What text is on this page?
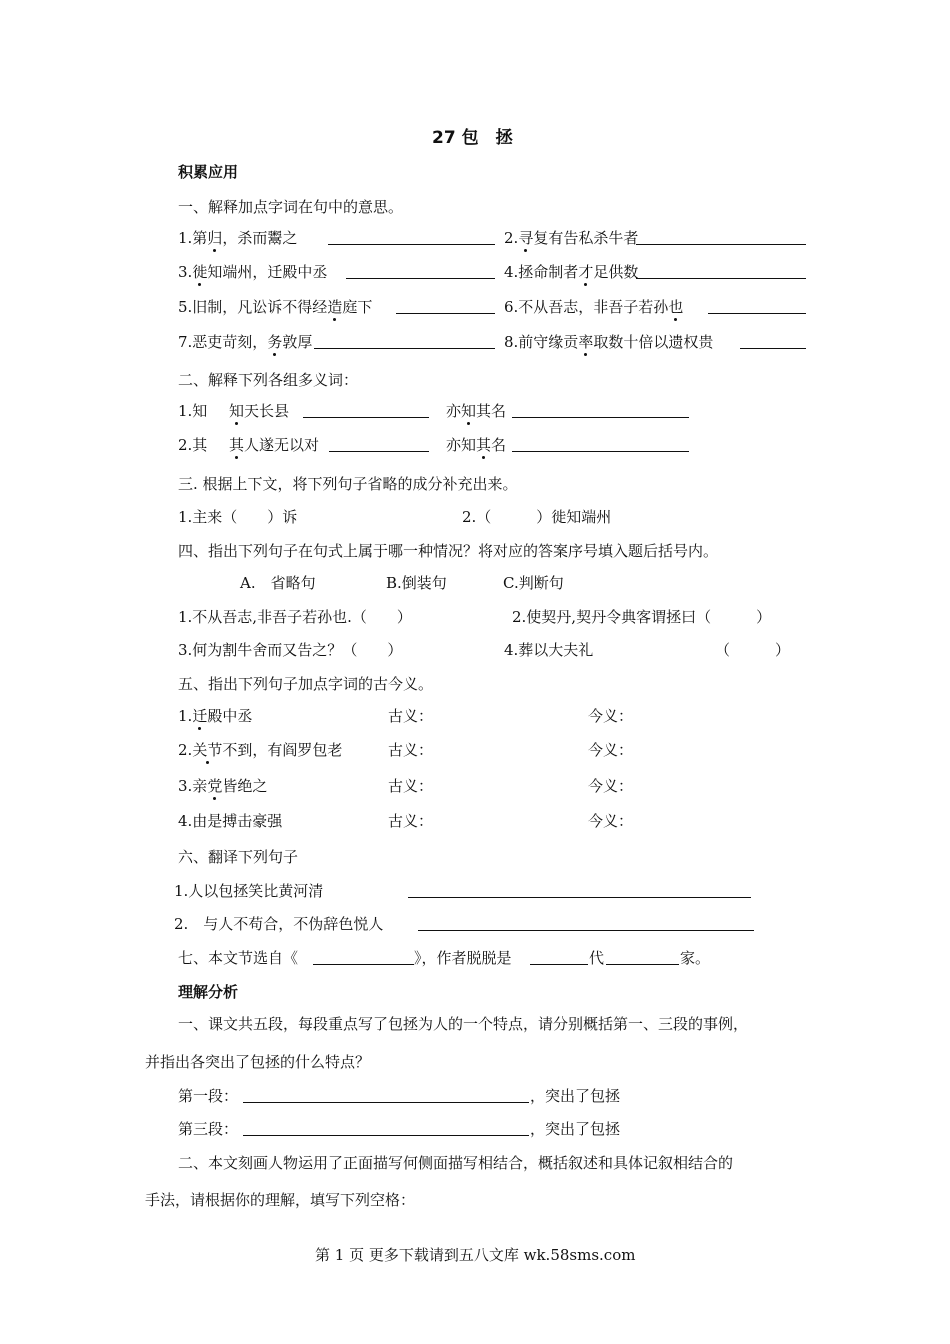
27 包　拯
积累应用
一、解释加点字词在句中的意思。
1.第归，杀而鬻之	2.寻复有告私杀牛者
3.徙知端州，迁殿中丞	4.拯命制者才足供数
5.旧制，凡讼诉不得经造庭下	6.不从吾志，非吾子若孙也
7.恶吏苛刻，务敦厚	8.前守缘贡率取数十倍以遗权贵
二、解释下列各组多义词：
1.知 知天长县	亦知其名
2.其 其人遂无以对	亦知其名
三. 根据上下文，将下列句子省略的成分补充出来。
1.主来（　　）诉	2.（　　　）徙知端州
四、指出下列句子在句式上属于哪一种情况？将对应的答案序号填入题后括号内。
A.　省略句	B.倒装句	C.判断句
1.不从吾志,非吾子若孙也.（　　）	2.使契丹,契丹令典客谓拯曰（　　　）
3.何为割牛舍而又告之？（　　）	4.葬以大夫礼	（　　　）
五、指出下列句子加点字词的古今义。
1.迁殿中丞	古义：	今义：
2.关节不到，有阎罗包老	古义：	今义：
3.亲党皆绝之	古义：	今义：
4.由是搏击豪强	古义：	今义：
六、翻译下列句子
1.人以包拯笑比黄河清
2.　与人不苟合，不伪辞色悦人
七、本文节选自《	》，作者脱脱是	代	家。
理解分析
一、课文共五段，每段重点写了包拯为人的一个特点，请分别概括第一、三段的事例，
并指出各突出了包拯的什么特点？
第一段：	，突出了包拯
第三段：	，突出了包拯
二、本文刻画人物运用了正面描写何侧面描写相结合，概括叙述和具体记叙相结合的
手法，请根据你的理解，填写下列空格：
第 1 页 更多下载请到五八文库 wk.58sms.com
